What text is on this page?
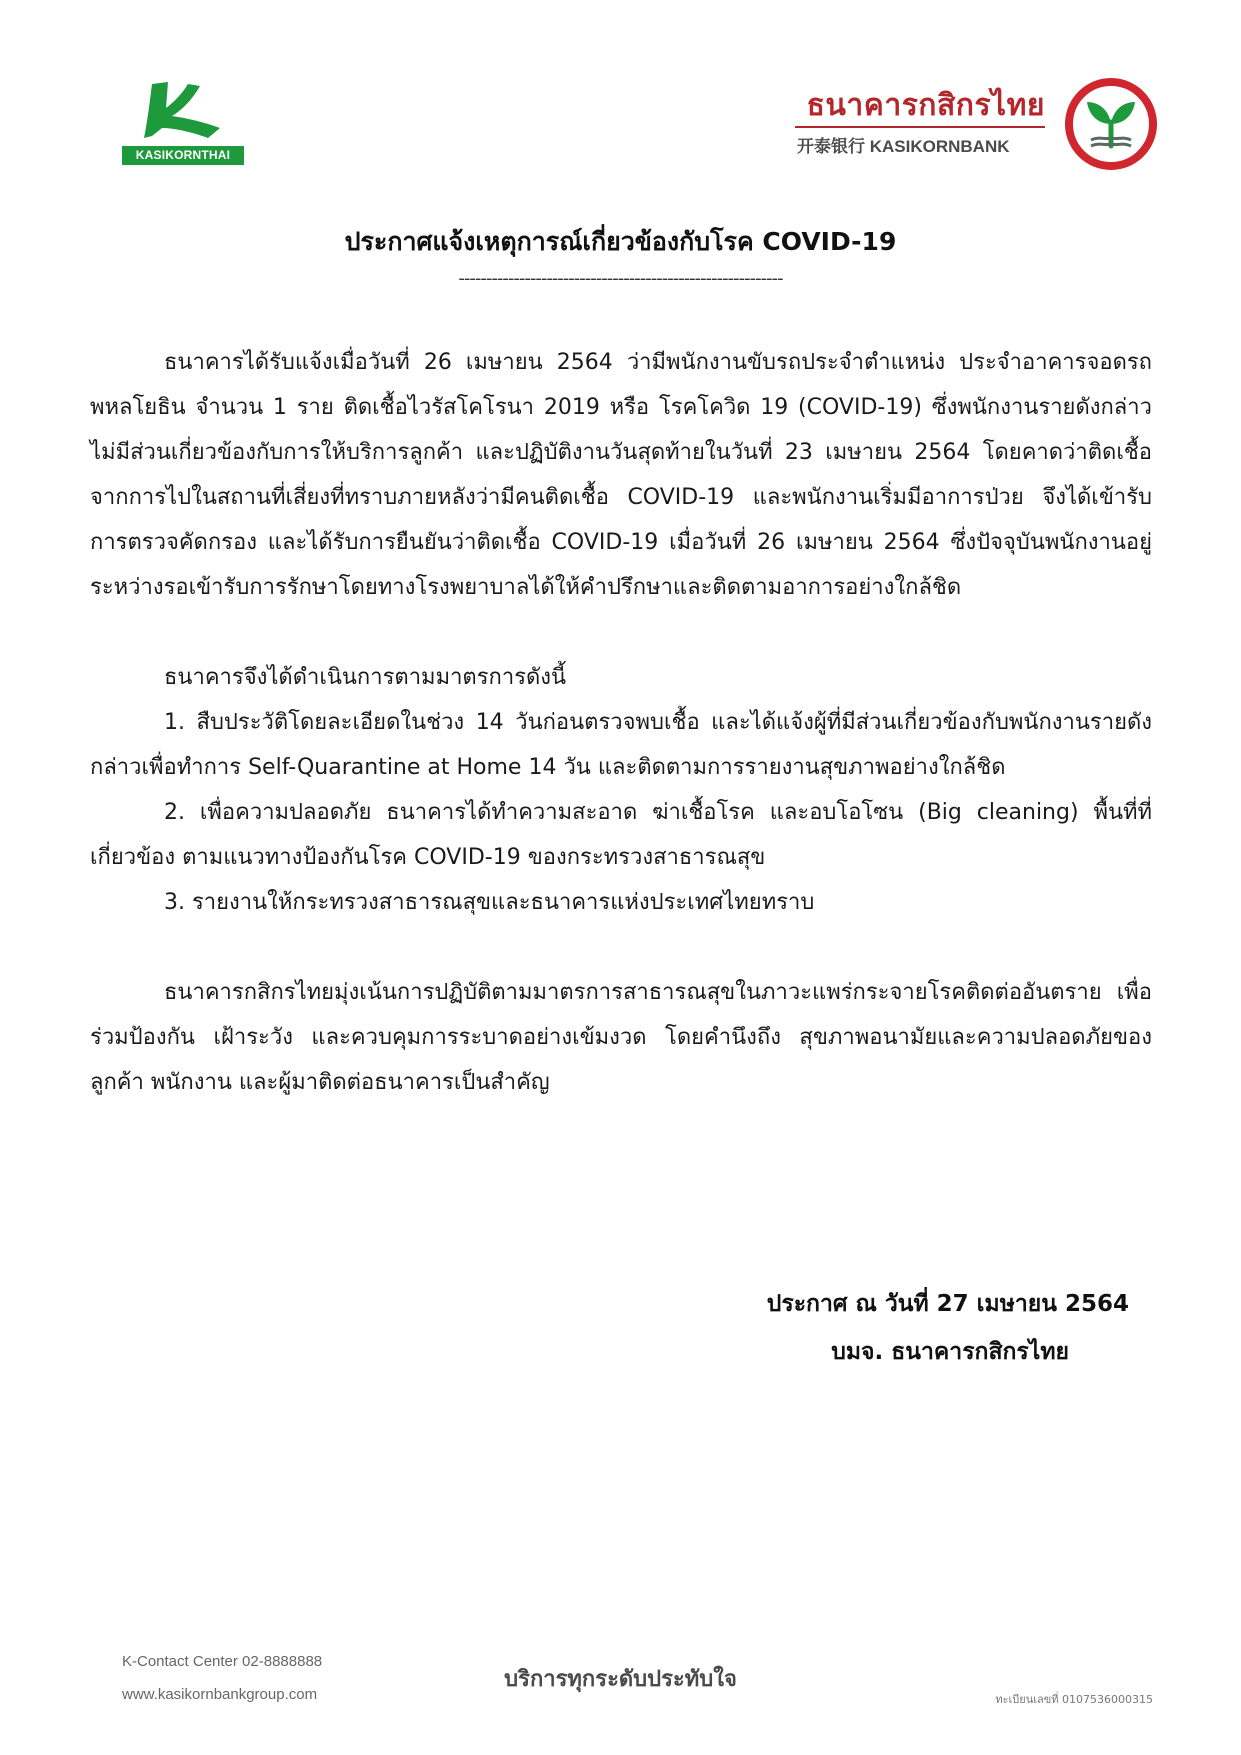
KASIKORNTHAI
ธนาคารกสิกรไทย
开泰银行 KASIKORNBANK
ประกาศแจ้งเหตุการณ์เกี่ยวข้องกับโรค COVID-19
-----------------------------------------------------------

ธนาคารได้รับแจ้งเมื่อวันที่ 26 เมษายน 2564 ว่ามีพนักงานขับรถประจำตำแหน่ง ประจำอาคารจอดรถพหลโยธิน จำนวน 1 ราย ติดเชื้อไวรัสโคโรนา 2019 หรือ โรคโควิด 19 (COVID-19) ซึ่งพนักงานรายดังกล่าวไม่มีส่วนเกี่ยวข้องกับการให้บริการลูกค้า และปฏิบัติงานวันสุดท้ายในวันที่ 23 เมษายน 2564 โดยคาดว่าติดเชื้อจากการไปในสถานที่เสี่ยงที่ทราบภายหลังว่ามีคนติดเชื้อ COVID-19 และพนักงานเริ่มมีอาการป่วย จึงได้เข้ารับการตรวจคัดกรอง และได้รับการยืนยันว่าติดเชื้อ COVID-19 เมื่อวันที่ 26 เมษายน 2564 ซึ่งปัจจุบันพนักงานอยู่ระหว่างรอเข้ารับการรักษาโดยทางโรงพยาบาลได้ให้คำปรึกษาและติดตามอาการอย่างใกล้ชิด

ธนาคารจึงได้ดำเนินการตามมาตรการดังนี้

1. สืบประวัติโดยละเอียดในช่วง 14 วันก่อนตรวจพบเชื้อ และได้แจ้งผู้ที่มีส่วนเกี่ยวข้องกับพนักงานรายดังกล่าวเพื่อทำการ Self-Quarantine at Home 14 วัน และติดตามการรายงานสุขภาพอย่างใกล้ชิด

2. เพื่อความปลอดภัย ธนาคารได้ทำความสะอาด ฆ่าเชื้อโรค และอบโอโซน (Big cleaning) พื้นที่ที่เกี่ยวข้อง ตามแนวทางป้องกันโรค COVID-19 ของกระทรวงสาธารณสุข

3. รายงานให้กระทรวงสาธารณสุขและธนาคารแห่งประเทศไทยทราบ

ธนาคารกสิกรไทยมุ่งเน้นการปฏิบัติตามมาตรการสาธารณสุขในภาวะแพร่กระจายโรคติดต่ออันตราย เพื่อร่วมป้องกัน เฝ้าระวัง และควบคุมการระบาดอย่างเข้มงวด โดยคำนึงถึง สุขภาพอนามัยและความปลอดภัยของลูกค้า พนักงาน และผู้มาติดต่อธนาคารเป็นสำคัญ

ประกาศ ณ วันที่ 27 เมษายน 2564
บมจ. ธนาคารกสิกรไทย
K-Contact Center 02-8888888
www.kasikornbankgroup.com
บริการทุกระดับประทับใจ
ทะเบียนเลขที่ 0107536000315
